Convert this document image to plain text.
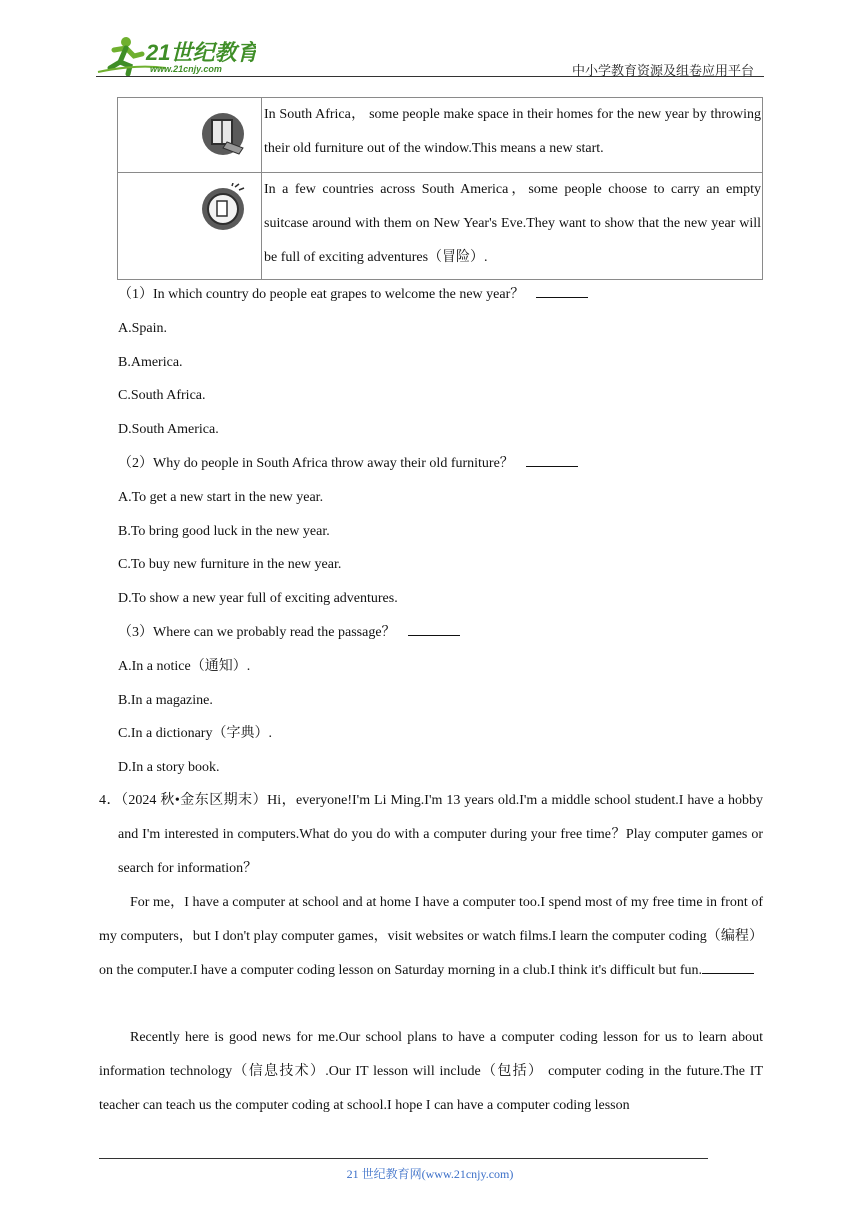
21世纪教育
www.21cnjy.com	中小学教育资源及组卷应用平台
	In South Africa， some people make space in their homes for the new year by throwing their old furniture out of the window.This means a new start.

	In a few countries across South America，some people choose to carry an empty suitcase around with them on New Year's Eve.They want to show that the new year will be full of exciting adventures（冒险）.
（1）In which country do people eat grapes to welcome the new year？
A.Spain.
B.America.
C.South Africa.
D.South America.
（2）Why do people in South Africa throw away their old furniture？
A.To get a new start in the new year.
B.To bring good luck in the new year.
C.To buy new furniture in the new year.
D.To show a new year full of exciting adventures.
（3）Where can we probably read the passage？
A.In a notice（通知）.
B.In a magazine.
C.In a dictionary（字典）.
D.In a story book.
4．（2024 秋•金东区期末）Hi，everyone!I'm Li Ming.I'm 13 years old.I'm a middle school student.I have a hobby and I'm interested in computers.What do you do with a computer during your free time？Play computer games or search for information？
For me，I have a computer at school and at home I have a computer too.I spend most of my free time in front of my computers，but I don't play computer games，visit websites or watch films.I learn the computer coding（编程） on the computer.I have a computer coding lesson on Saturday morning in a club.I think it's difficult but fun.
Recently here is good news for me.Our school plans to have a computer coding lesson for us to learn about information technology（信息技术）.Our IT lesson will include（包括） computer coding in the future.The IT teacher can teach us the computer coding at school.I hope I can have a computer coding lesson
21 世纪教育网(www.21cnjy.com)
